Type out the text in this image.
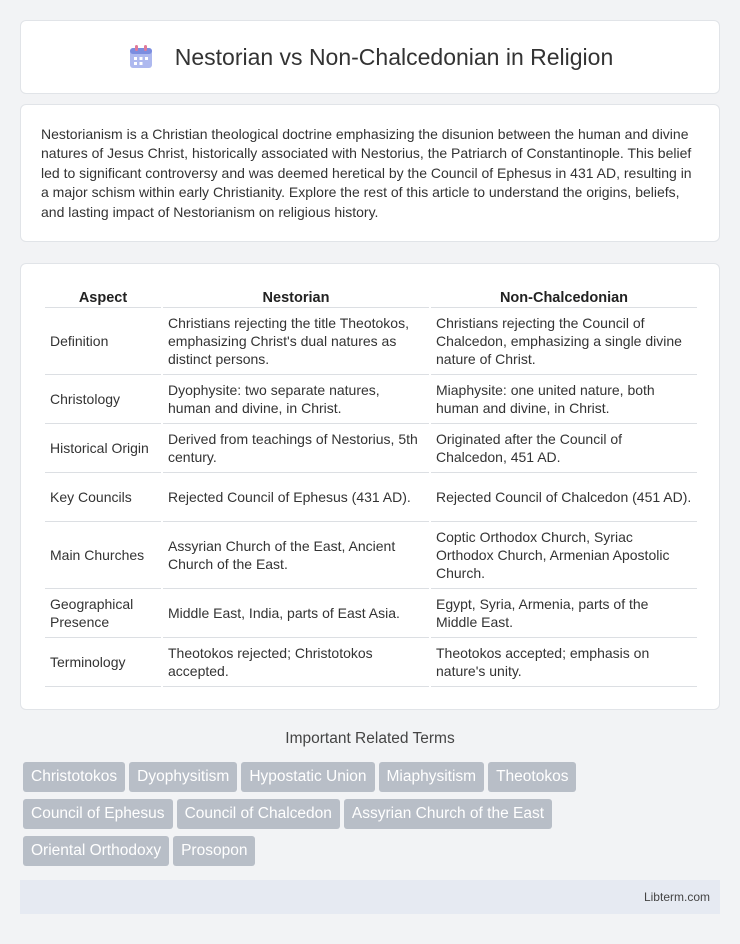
Nestorian vs Non-Chalcedonian in Religion

Nestorianism is a Christian theological doctrine emphasizing the disunion between the human and divine natures of Jesus Christ, historically associated with Nestorius, the Patriarch of Constantinople. This belief led to significant controversy and was deemed heretical by the Council of Ephesus in 431 AD, resulting in a major schism within early Christianity. Explore the rest of this article to understand the origins, beliefs, and lasting impact of Nestorianism on religious history.

Aspect	Nestorian	Non-Chalcedonian
Definition	Christians rejecting the title Theotokos, emphasizing Christ's dual natures as distinct persons.	Christians rejecting the Council of Chalcedon, emphasizing a single divine nature of Christ.
Christology	Dyophysite: two separate natures, human and divine, in Christ.	Miaphysite: one united nature, both human and divine, in Christ.
Historical Origin	Derived from teachings of Nestorius, 5th century.	Originated after the Council of Chalcedon, 451 AD.
Key Councils	Rejected Council of Ephesus (431 AD).	Rejected Council of Chalcedon (451 AD).
Main Churches	Assyrian Church of the East, Ancient Church of the East.	Coptic Orthodox Church, Syriac Orthodox Church, Armenian Apostolic Church.
Geographical Presence	Middle East, India, parts of East Asia.	Egypt, Syria, Armenia, parts of the Middle East.
Terminology	Theotokos rejected; Christotokos accepted.	Theotokos accepted; emphasis on nature's unity.
Important Related Terms
Christotokos Dyophysitism Hypostatic Union Miaphysitism Theotokos
Council of Ephesus Council of Chalcedon Assyrian Church of the East
Oriental Orthodoxy Prosopon
Libterm.com
